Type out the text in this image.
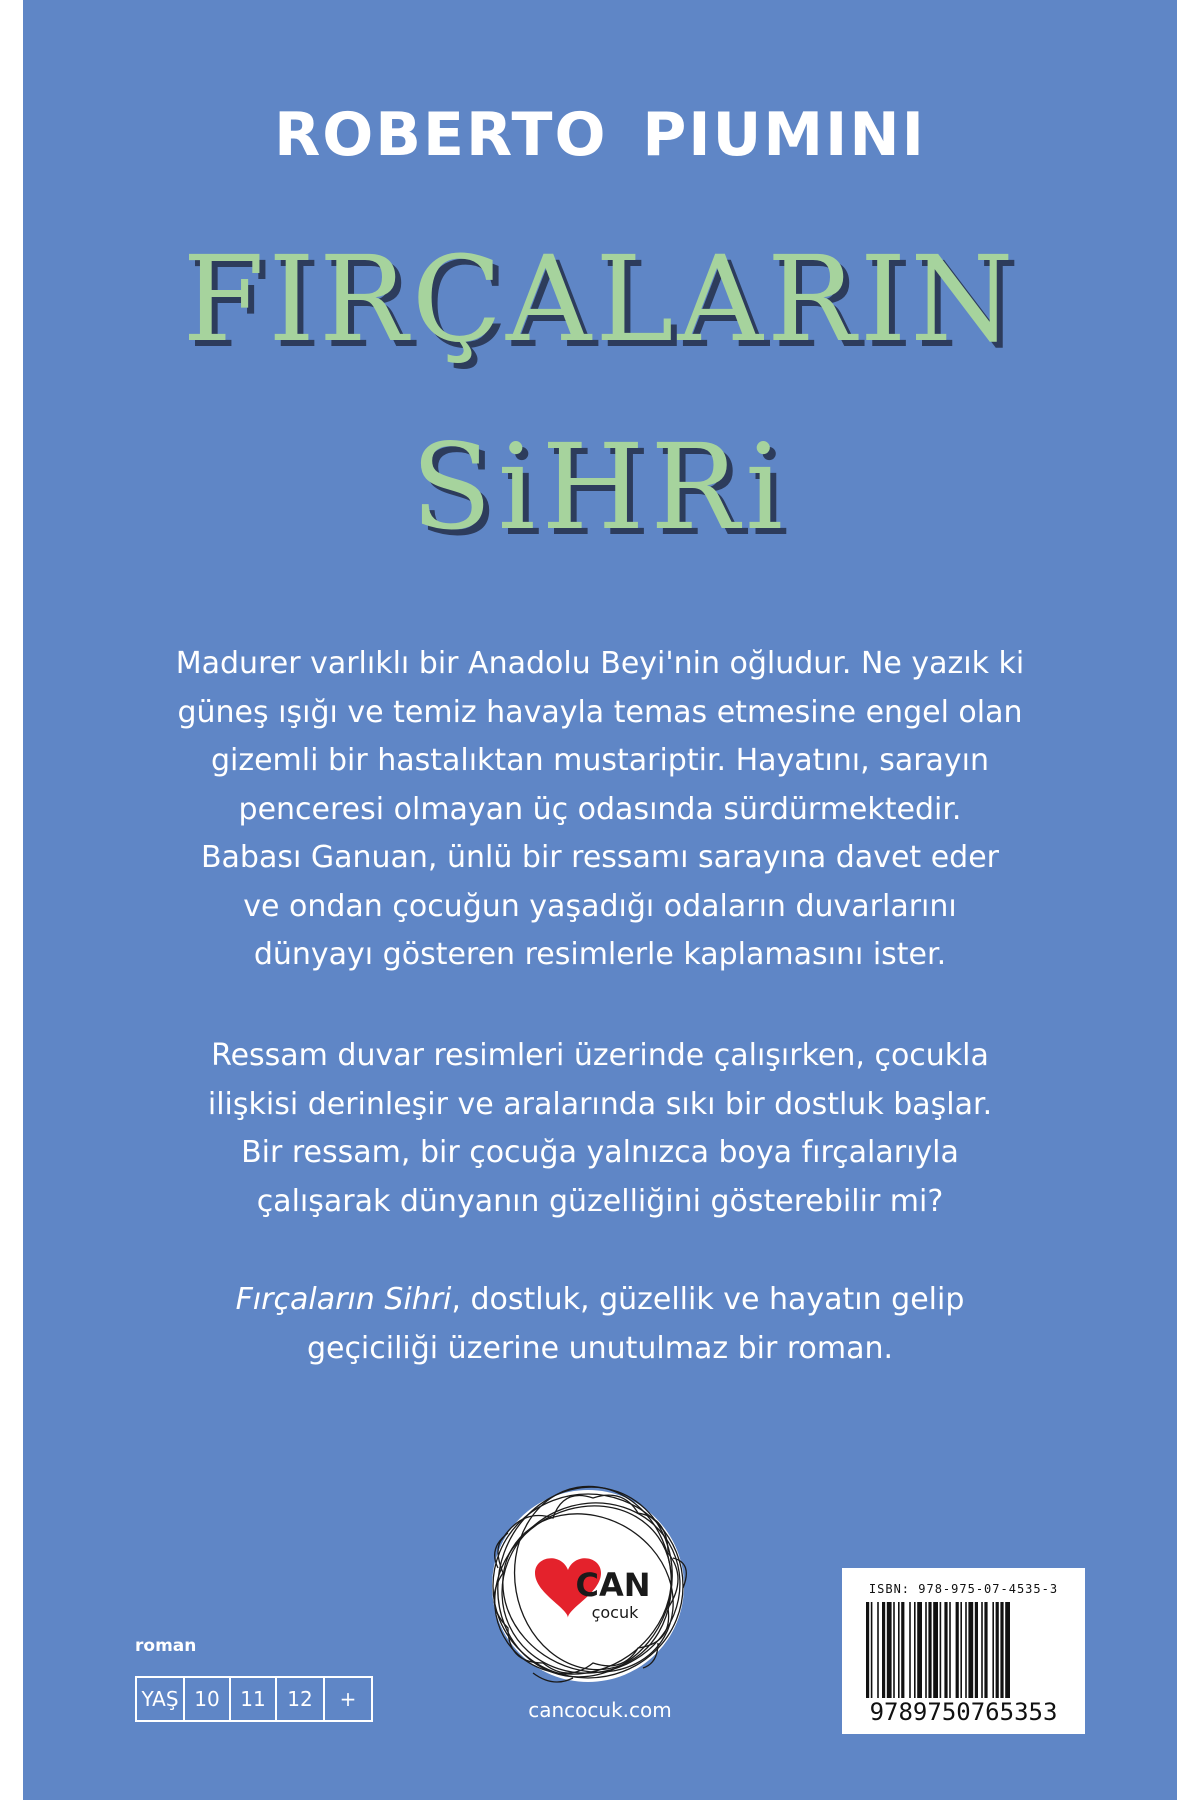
ROBERTO PIUMINI
FIRÇALARIN
SiHRi
Madurer varlıklı bir Anadolu Beyi'nin oğludur. Ne yazık ki
güneş ışığı ve temiz havayla temas etmesine engel olan
gizemli bir hastalıktan mustariptir. Hayatını, sarayın
penceresi olmayan üç odasında sürdürmektedir.
Babası Ganuan, ünlü bir ressamı sarayına davet eder
ve ondan çocuğun yaşadığı odaların duvarlarını
dünyayı gösteren resimlerle kaplamasını ister.
Ressam duvar resimleri üzerinde çalışırken, çocukla
ilişkisi derinleşir ve aralarında sıkı bir dostluk başlar.
Bir ressam, bir çocuğa yalnızca boya fırçalarıyla
çalışarak dünyanın güzelliğini gösterebilir mi?
Fırçaların Sihri, dostluk, güzellik ve hayatın gelip
geçiciliği üzerine unutulmaz bir roman.
CAN
çocuk
cancocuk.com
roman
YAŞ 10	11	12	+
ISBN: 978-975-07-4535-3
9789750765353
